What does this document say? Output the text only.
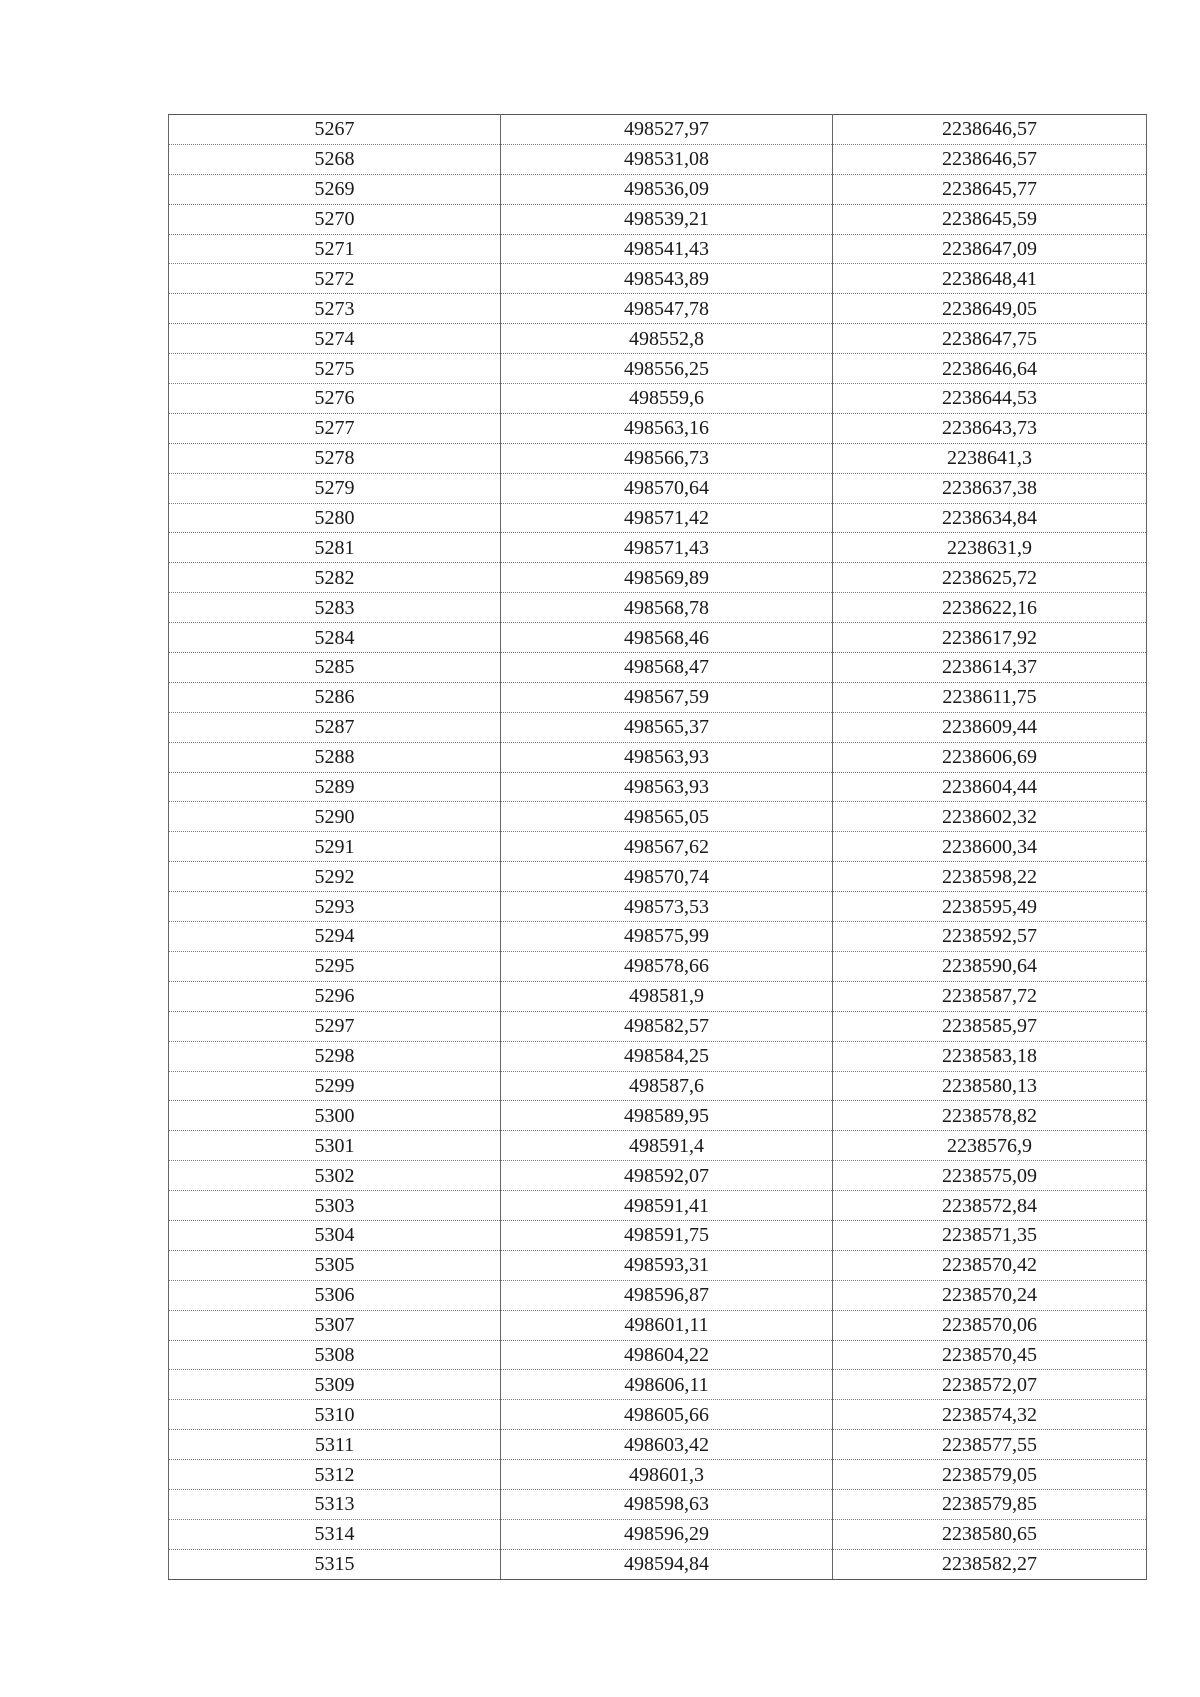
5267	498527,97	2238646,57
5268	498531,08	2238646,57
5269	498536,09	2238645,77
5270	498539,21	2238645,59
5271	498541,43	2238647,09
5272	498543,89	2238648,41
5273	498547,78	2238649,05
5274	498552,8	2238647,75
5275	498556,25	2238646,64
5276	498559,6	2238644,53
5277	498563,16	2238643,73
5278	498566,73	2238641,3
5279	498570,64	2238637,38
5280	498571,42	2238634,84
5281	498571,43	2238631,9
5282	498569,89	2238625,72
5283	498568,78	2238622,16
5284	498568,46	2238617,92
5285	498568,47	2238614,37
5286	498567,59	2238611,75
5287	498565,37	2238609,44
5288	498563,93	2238606,69
5289	498563,93	2238604,44
5290	498565,05	2238602,32
5291	498567,62	2238600,34
5292	498570,74	2238598,22
5293	498573,53	2238595,49
5294	498575,99	2238592,57
5295	498578,66	2238590,64
5296	498581,9	2238587,72
5297	498582,57	2238585,97
5298	498584,25	2238583,18
5299	498587,6	2238580,13
5300	498589,95	2238578,82
5301	498591,4	2238576,9
5302	498592,07	2238575,09
5303	498591,41	2238572,84
5304	498591,75	2238571,35
5305	498593,31	2238570,42
5306	498596,87	2238570,24
5307	498601,11	2238570,06
5308	498604,22	2238570,45
5309	498606,11	2238572,07
5310	498605,66	2238574,32
5311	498603,42	2238577,55
5312	498601,3	2238579,05
5313	498598,63	2238579,85
5314	498596,29	2238580,65
5315	498594,84	2238582,27
